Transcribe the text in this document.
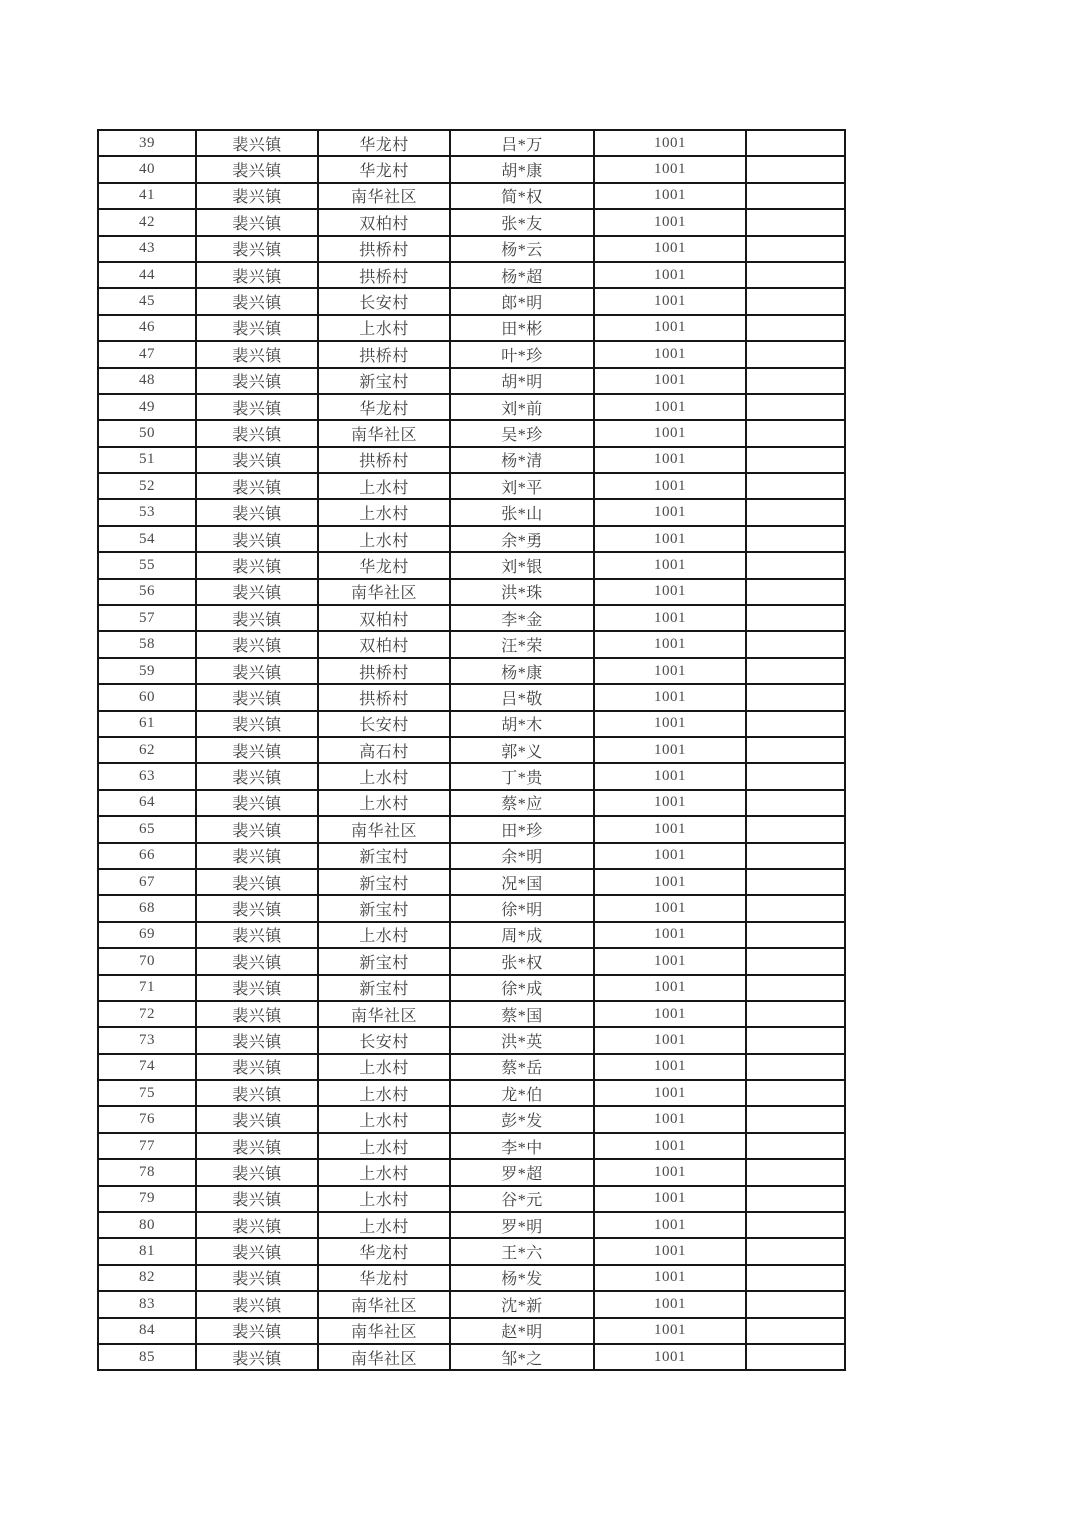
39	裴兴镇	华龙村	吕*万	1001	
40	裴兴镇	华龙村	胡*康	1001	
41	裴兴镇	南华社区	简*权	1001	
42	裴兴镇	双柏村	张*友	1001	
43	裴兴镇	拱桥村	杨*云	1001	
44	裴兴镇	拱桥村	杨*超	1001	
45	裴兴镇	长安村	郎*明	1001	
46	裴兴镇	上水村	田*彬	1001	
47	裴兴镇	拱桥村	叶*珍	1001	
48	裴兴镇	新宝村	胡*明	1001	
49	裴兴镇	华龙村	刘*前	1001	
50	裴兴镇	南华社区	吴*珍	1001	
51	裴兴镇	拱桥村	杨*清	1001	
52	裴兴镇	上水村	刘*平	1001	
53	裴兴镇	上水村	张*山	1001	
54	裴兴镇	上水村	余*勇	1001	
55	裴兴镇	华龙村	刘*银	1001	
56	裴兴镇	南华社区	洪*珠	1001	
57	裴兴镇	双柏村	李*金	1001	
58	裴兴镇	双柏村	汪*荣	1001	
59	裴兴镇	拱桥村	杨*康	1001	
60	裴兴镇	拱桥村	吕*敬	1001	
61	裴兴镇	长安村	胡*木	1001	
62	裴兴镇	高石村	郭*义	1001	
63	裴兴镇	上水村	丁*贵	1001	
64	裴兴镇	上水村	蔡*应	1001	
65	裴兴镇	南华社区	田*珍	1001	
66	裴兴镇	新宝村	余*明	1001	
67	裴兴镇	新宝村	况*国	1001	
68	裴兴镇	新宝村	徐*明	1001	
69	裴兴镇	上水村	周*成	1001	
70	裴兴镇	新宝村	张*权	1001	
71	裴兴镇	新宝村	徐*成	1001	
72	裴兴镇	南华社区	蔡*国	1001	
73	裴兴镇	长安村	洪*英	1001	
74	裴兴镇	上水村	蔡*岳	1001	
75	裴兴镇	上水村	龙*伯	1001	
76	裴兴镇	上水村	彭*发	1001	
77	裴兴镇	上水村	李*中	1001	
78	裴兴镇	上水村	罗*超	1001	
79	裴兴镇	上水村	谷*元	1001	
80	裴兴镇	上水村	罗*明	1001	
81	裴兴镇	华龙村	王*六	1001	
82	裴兴镇	华龙村	杨*发	1001	
83	裴兴镇	南华社区	沈*新	1001	
84	裴兴镇	南华社区	赵*明	1001	
85	裴兴镇	南华社区	邹*之	1001	
